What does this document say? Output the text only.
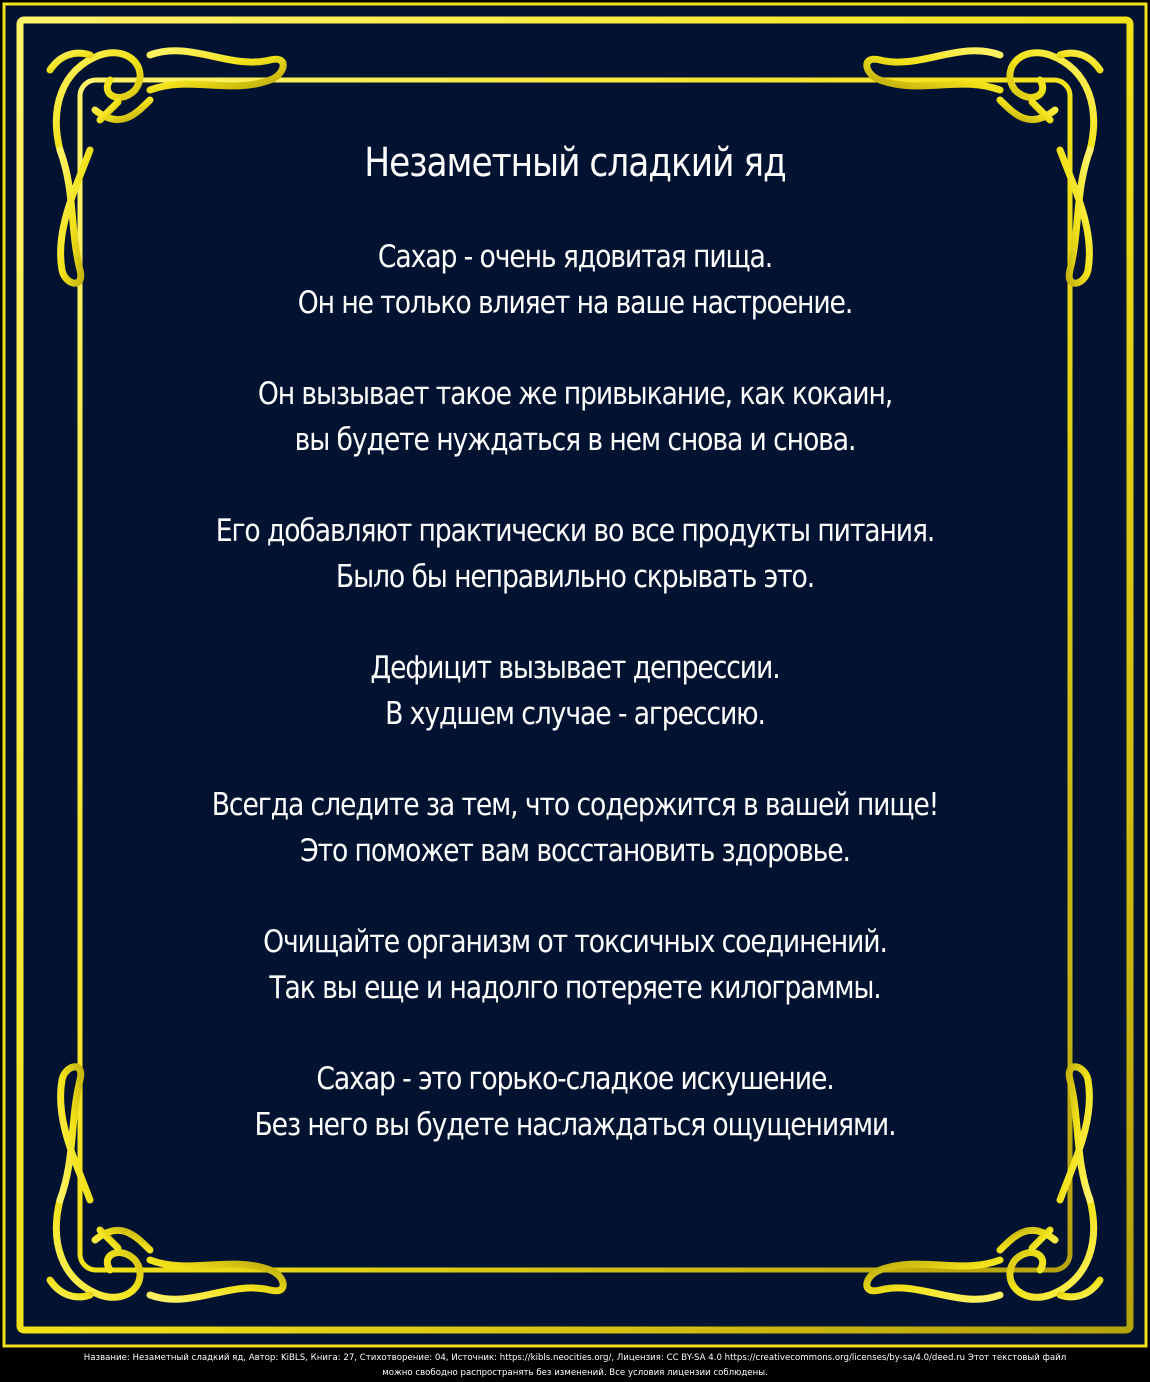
Незаметный сладкий яд
Сахар - очень ядовитая пища.
Он не только влияет на ваше настроение.
Он вызывает такое же привыкание, как кокаин,
вы будете нуждаться в нем снова и снова.
Его добавляют практически во все продукты питания.
Было бы неправильно скрывать это.
Дефицит вызывает депрессии.
В худшем случае - агрессию.
Всегда следите за тем, что содержится в вашей пище!
Это поможет вам восстановить здоровье.
Очищайте организм от токсичных соединений.
Так вы еще и надолго потеряете килограммы.
Сахар - это горько-сладкое искушение.
Без него вы будете наслаждаться ощущениями.
Название: Незаметный сладкий яд, Автор: KiBLS, Книга: 27, Стихотворение: 04, Источник: https://kibls.neocities.org/, Лицензия: CC BY-SA 4.0 https://creativecommons.org/licenses/by-sa/4.0/deed.ru Этот текстовый файл
можно свободно распространять без изменений. Все условия лицензии соблюдены.
